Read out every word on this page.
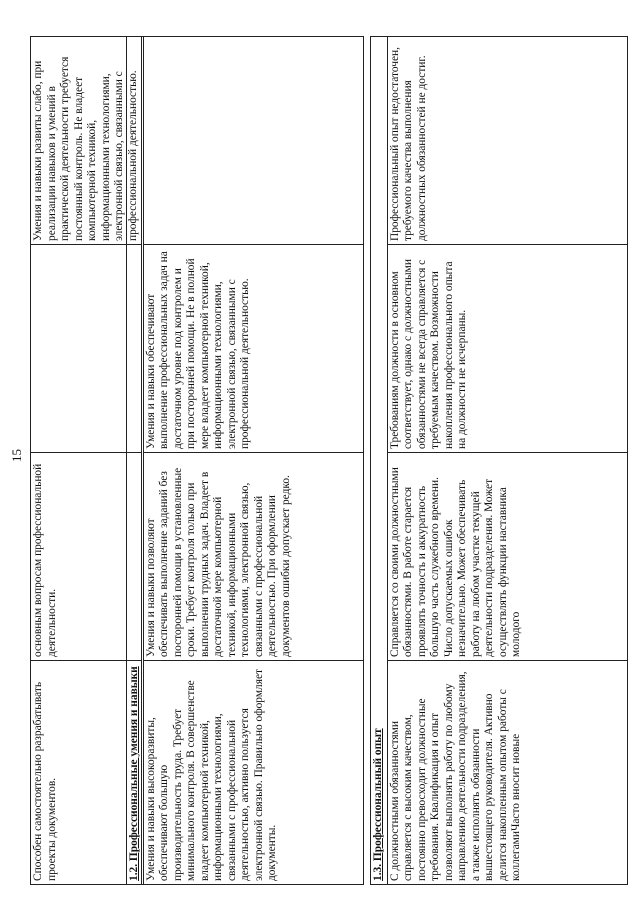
15
Способен самостоятельно разрабатывать проекты документов.	основным вопросам профессиональной деятельности.		Умения и навыки развиты слабо, при реализации навыков и умений в практической деятельности требуется постоянный контроль. Не владеет компьютерной техникой, информационными технологиями, электронной связью, связанными с профессиональной деятельностью.
1.2. Профессиональные умения и навыки
Умения и навыки высокоразвиты, обеспечивают большую производительность труда. Требует минимального контроля. В совершенстве владеет компьютерной техникой, информационными технологиями, связанными с профессиональной деятельностью, активно пользуется электронной связью. Правильно оформляет документы.	Умения и навыки позволяют обеспечивать выполнение заданий без посторонней помощи в установленные сроки. Требует контроля только при выполнении трудных задач. Владеет в достаточной мере компьютерной техникой, информационными технологиями, электронной связью, связанными с профессиональной деятельностью. При оформлении документов ошибки допускает редко.	Умения и навыки обеспечивают выполнение профессиональных задач на достаточном уровне под контролем и при посторонней помощи. Не в полной мере владеет компьютерной техникой, информационными технологиями, электронной связью, связанными с профессиональной деятельностью.	
1.3. Профессиональный опыт
С должностными обязанностями справляется с высоким качеством, постоянно превосходит должностные требования. Квалификация и опыт позволяют выполнять работу по любому направлению деятельности подразделения, а также исполнять обязанности вышестоящего руководителя. Активно делится накопленным опытом работы с коллегамиЧасто вносит новые	Справляется со своими должностными обязанностями. В работе старается проявлять точность и аккуратность большую часть служебного времени. Число допускаемых ошибок незначительно. Может обеспечивать работу на любом участке текущей деятельности подразделения. Может осуществлять функции наставника молодого	Требованиям должности в основном соответствует, однако с должностными обязанностями не всегда справляется с требуемым качеством. Возможности накопления профессионального опыта на должности не исчерпаны.	Профессиональный опыт недостаточен, требуемого качества выполнения должностных обязанностей не достиг.
